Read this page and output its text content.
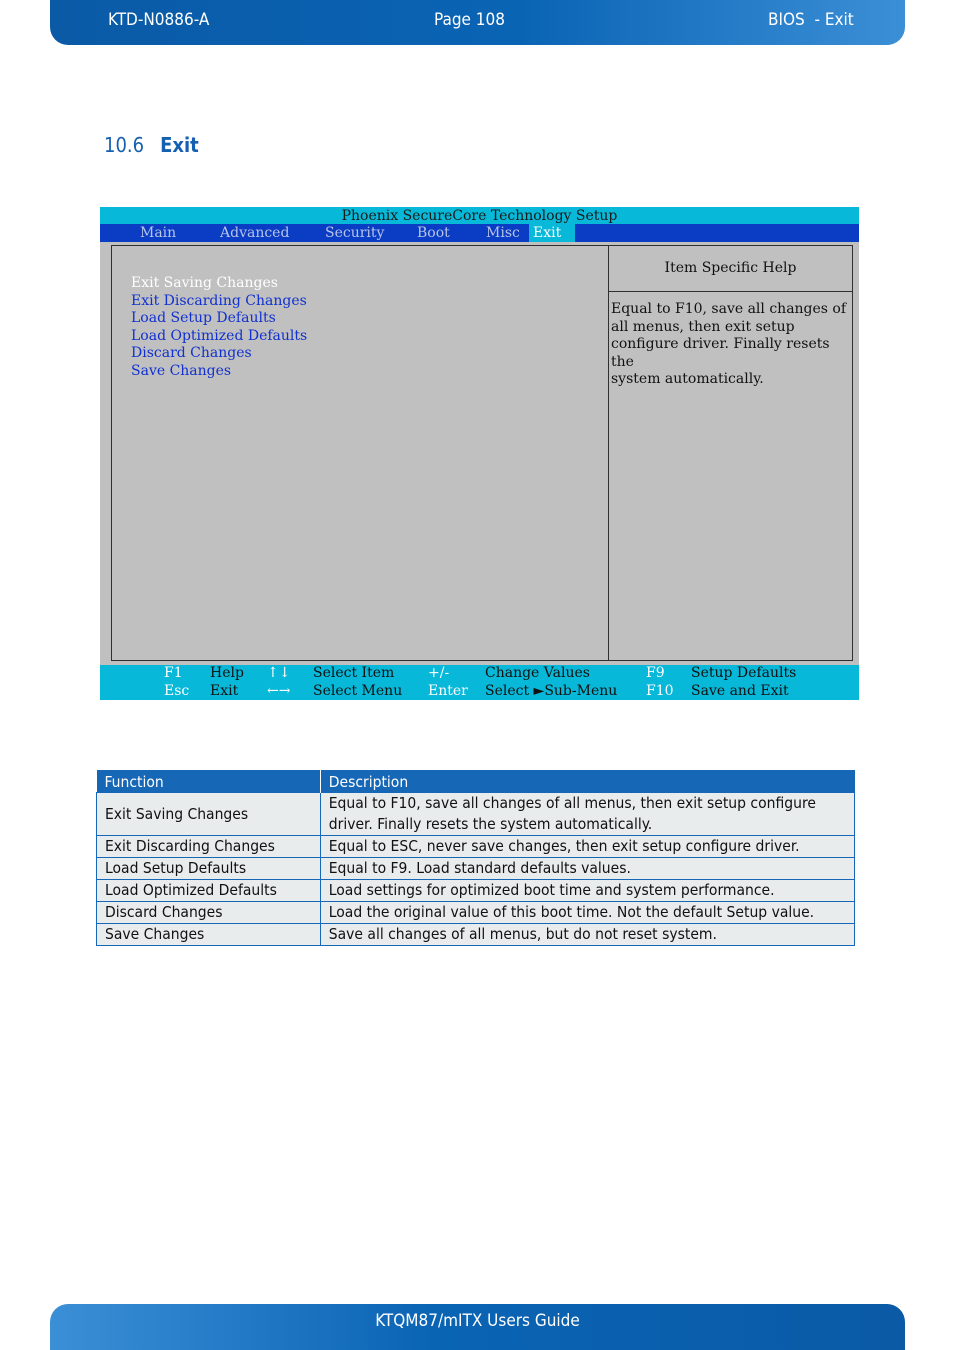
KTD-N0886-A	Page 108	BIOS  - Exit
10.6 Exit
Phoenix SecureCore Technology Setup
Main	Advanced	Security Boot	Misc Exit
Exit Saving Changes
Exit Discarding Changes
Load Setup Defaults
Load Optimized Defaults
Discard Changes
Save Changes
Item Specific Help
Equal to F10, save all changes of
all menus, then exit setup
configure driver. Finally resets the
system automatically.
F1 Help ↑↓ Select Item +/-	Change Values	F9 Setup Defaults
Esc Exit ←→ Select Menu Enter Select ►Sub-Menu F10 Save and Exit
Function	Description
Exit Saving Changes	Equal to F10, save all changes of all menus, then exit setup configure driver. Finally resets the system automatically.
Exit Discarding Changes	Equal to ESC, never save changes, then exit setup configure driver.
Load Setup Defaults	Equal to F9. Load standard defaults values.
Load Optimized Defaults	Load settings for optimized boot time and system performance.
Discard Changes	Load the original value of this boot time. Not the default Setup value.
Save Changes	Save all changes of all menus, but do not reset system.
KTQM87/mITX Users Guide
